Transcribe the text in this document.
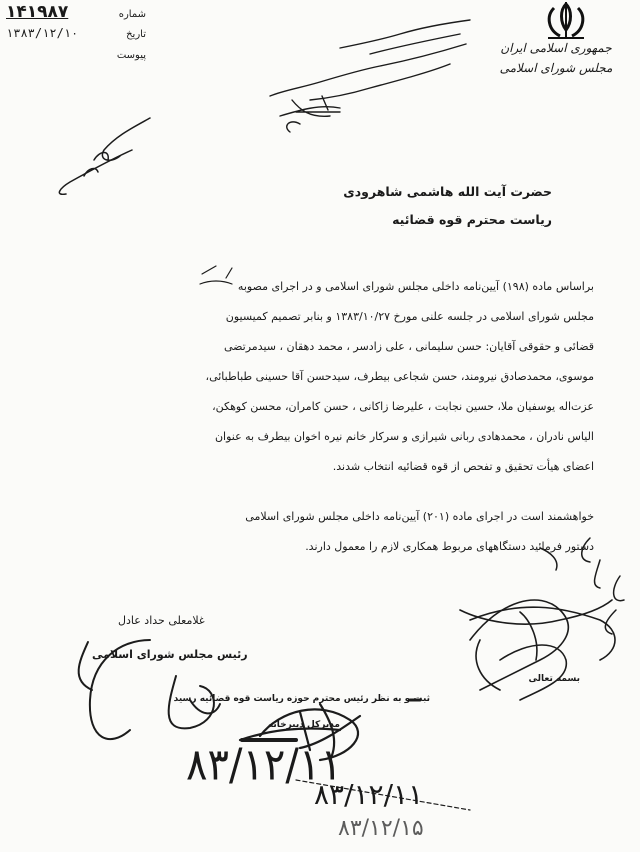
شماره
۱۴۱۹۸۷
تاریخ
۱۳۸۳/۱۲/۱۰
پیوست
جمهوری اسلامی ایران
مجلس شورای اسلامی
حضرت آیت الله هاشمی شاهرودی
ریاست محترم قوه قضائیه
براساس ماده (۱۹۸) آیین‌نامه داخلی مجلس شورای اسلامی و در اجرای مصوبه
مجلس شورای اسلامی در جلسه علنی مورخ ۱۳۸۳/۱۰/۲۷ و بنابر تصمیم کمیسیون
قضائی و حقوقی آقایان: حسن سلیمانی ، علی زادسر ، محمد دهقان ، سیدمرتضی
موسوی، محمدصادق نیرومند، حسن شجاعی بیطرف، سیدحسن آقا حسینی طباطبائی،
عزت‌اله یوسفیان ملا، حسین نجابت ، علیرضا زاکانی ، حسن کامران، محسن کوهکن،
الیاس نادران ، محمدهادی ربانی شیرازی و سرکار خانم نیره اخوان بیطرف به عنوان
اعضای هیأت تحقیق و تفحص از قوه قضائیه انتخاب شدند.
خواهشمند است در اجرای ماده (۲۰۱) آیین‌نامه داخلی مجلس شورای اسلامی
دستور فرمائید دستگاههای مربوط همکاری لازم را معمول دارند.
غلامعلی حداد عادل
رئیس مجلس شورای اسلامی
ثبت و به نظر رئیس محترم حوزه ریاست قوه قضائیه رسید
مدیرکل دبیرخانه
بسمه تعالی
۸۳/۱۲/۱۱
۸۳/۱۲/۱۱
۸۳/۱۲/۱۵
